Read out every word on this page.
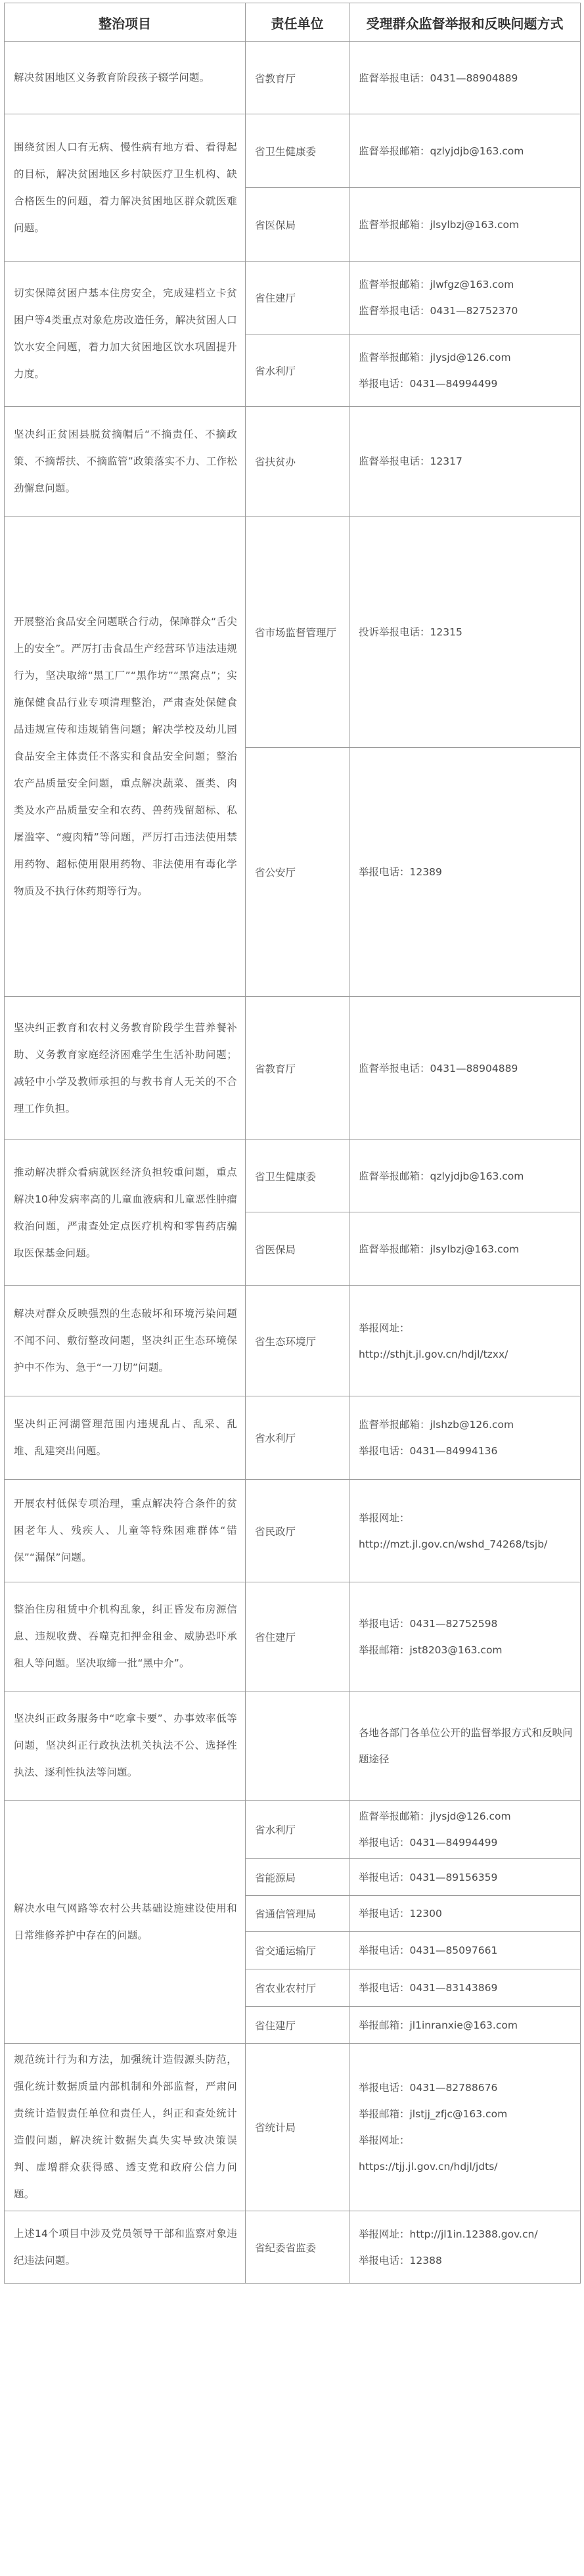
整治项目	责任单位	受理群众监督举报和反映问题方式
解决贫困地区义务教育阶段孩子辍学问题。	省教育厅	监督举报电话：0431—88904889

围绕贫困人口有无病、慢性病有地方看、看得起的目标，解决贫困地区乡村缺医疗卫生机构、缺合格医生的问题，着力解决贫困地区群众就医难问题。	省卫生健康委	监督举报邮箱：qzlyjdjb@163.com

	省医保局	监督举报邮箱：jlsylbzj@163.com

切实保障贫困户基本住房安全，完成建档立卡贫困户等4类重点对象危房改造任务，解决贫困人口饮水安全问题，着力加大贫困地区饮水巩固提升力度。	省住建厅	监督举报邮箱：jlwfgz@163.com
监督举报电话：0431—82752370

	省水利厅	监督举报邮箱：jlysjd@126.com
举报电话：0431—84994499

坚决纠正贫困县脱贫摘帽后“不摘责任、不摘政策、不摘帮扶、不摘监管”政策落实不力、工作松劲懈怠问题。	省扶贫办	监督举报电话：12317

开展整治食品安全问题联合行动，保障群众“舌尖上的安全”。严厉打击食品生产经营环节违法违规行为，坚决取缔“黑工厂”“黑作坊”“黑窝点”；实施保健食品行业专项清理整治，严肃查处保健食品违规宣传和违规销售问题；解决学校及幼儿园食品安全主体责任不落实和食品安全问题；整治农产品质量安全问题，重点解决蔬菜、蛋类、肉类及水产品质量安全和农药、兽药残留超标、私屠滥宰、“瘦肉精”等问题，严厉打击违法使用禁用药物、超标使用限用药物、非法使用有毒化学物质及不执行休药期等行为。	省市场监督管理厅	投诉举报电话：12315

	省公安厅	举报电话：12389

坚决纠正教育和农村义务教育阶段学生营养餐补助、义务教育家庭经济困难学生生活补助问题；减轻中小学及教师承担的与教书育人无关的不合理工作负担。	省教育厅	监督举报电话：0431—88904889

推动解决群众看病就医经济负担较重问题，重点解决10种发病率高的儿童血液病和儿童恶性肿瘤救治问题，严肃查处定点医疗机构和零售药店骗取医保基金问题。	省卫生健康委	监督举报邮箱：qzlyjdjb@163.com

	省医保局	监督举报邮箱：jlsylbzj@163.com

解决对群众反映强烈的生态破坏和环境污染问题不闻不问、敷衍整改问题，坚决纠正生态环境保护中不作为、急于“一刀切”问题。	省生态环境厅	举报网址：
http://sthjt.jl.gov.cn/hdjl/tzxx/

坚决纠正河湖管理范围内违规乱占、乱采、乱堆、乱建突出问题。	省水利厅	监督举报邮箱：jlshzb@126.com
举报电话：0431—84994136

开展农村低保专项治理，重点解决符合条件的贫困老年人、残疾人、儿童等特殊困难群体“错保”“漏保”问题。	省民政厅	举报网址：
http://mzt.jl.gov.cn/wshd_74268/tsjb/

整治住房租赁中介机构乱象，纠正昏发布房源信息、违规收费、吞噬克扣押金租金、威胁恐吓承租人等问题。坚决取缔一批“黑中介”。	省住建厅	举报电话：0431—82752598
举报邮箱：jst8203@163.com

坚决纠正政务服务中“吃拿卡要”、办事效率低等问题，坚决纠正行政执法机关执法不公、选择性执法、逐利性执法等问题。		各地各部门各单位公开的监督举报方式和反映问题途径

解决水电气网路等农村公共基础设施建设使用和日常维修养护中存在的问题。	省水利厅	监督举报邮箱：jlysjd@126.com
举报电话：0431—84994499

	省能源局	举报电话：0431—89156359

	省通信管理局	举报电话：12300

	省交通运输厅	举报电话：0431—85097661

	省农业农村厅	举报电话：0431—83143869

	省住建厅	举报邮箱：jl1inranxie@163.com

规范统计行为和方法，加强统计造假源头防范，强化统计数据质量内部机制和外部监督，严肃问责统计造假责任单位和责任人，纠正和查处统计造假问题，解决统计数据失真失实导致决策误判、虚增群众获得感、透支党和政府公信力问题。	省统计局	举报电话：0431—82788676
举报邮箱：jlstjj_zfjc@163.com
举报网址：
https://tjj.jl.gov.cn/hdjl/jdts/

上述14个项目中涉及党员领导干部和监察对象违纪违法问题。	省纪委省监委	举报网址：http://jl1in.12388.gov.cn/
举报电话：12388
